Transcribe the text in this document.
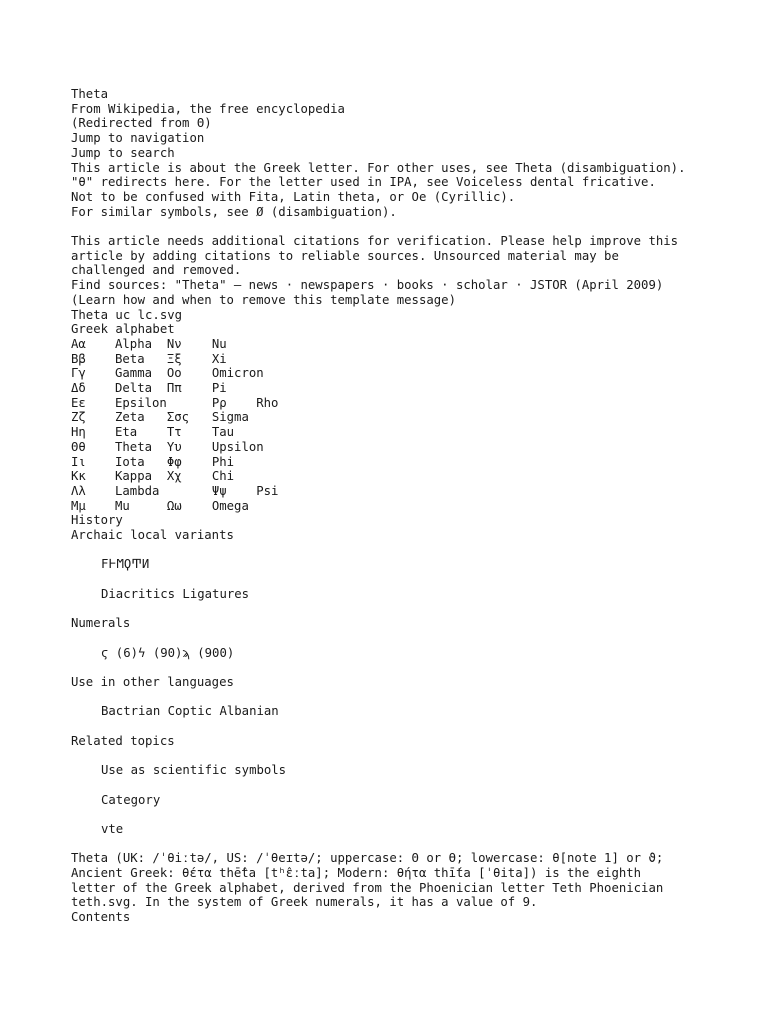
Theta
From Wikipedia, the free encyclopedia
(Redirected from Θ)
Jump to navigation
Jump to search
This article is about the Greek letter. For other uses, see Theta (disambiguation).
"θ" redirects here. For the letter used in IPA, see Voiceless dental fricative.
Not to be confused with Fita, Latin theta, or Oe (Cyrillic).
For similar symbols, see Ø (disambiguation).
This article needs additional citations for verification. Please help improve this
article by adding citations to reliable sources. Unsourced material may be
challenged and removed.
Find sources: "Theta" – news · newspapers · books · scholar · JSTOR (April 2009)
(Learn how and when to remove this template message)
Theta uc lc.svg
Greek alphabet
Αα	Alpha	Νν	Nu
Ββ	Beta	Ξξ	Xi
Γγ	Gamma	Οο	Omicron
Δδ	Delta	Ππ	Pi
Εε	Epsilon		Ρρ    Rho
Ζζ	Zeta	Σσς	Sigma
Ηη	Eta	Ττ	Tau
Θθ	Theta	Υυ	Upsilon
Ιι	Iota	Φφ	Phi
Κκ	Kappa	Χχ	Chi
Λλ	Lambda		Ψψ    Psi
Μμ	Mu	Ωω	Omega
History
Archaic local variants
ϜͰϺϘͲͶ
Diacritics Ligatures
Numerals
ϛ (6)ϟ (90)ϡ (900)
Use in other languages
Bactrian Coptic Albanian
Related topics
Use as scientific symbols
Category
vte
Theta (UK: /ˈθiːtə/, US: /ˈθeɪtə/; uppercase: Θ or ϴ; lowercase: θ[note 1] or ϑ;
Ancient Greek: θέτα thē̂ta [tʰɛ̂ːta]; Modern: θήτα thī́ta [ˈθita]) is the eighth
letter of the Greek alphabet, derived from the Phoenician letter Teth Phoenician
teth.svg. In the system of Greek numerals, it has a value of 9.
Contents
